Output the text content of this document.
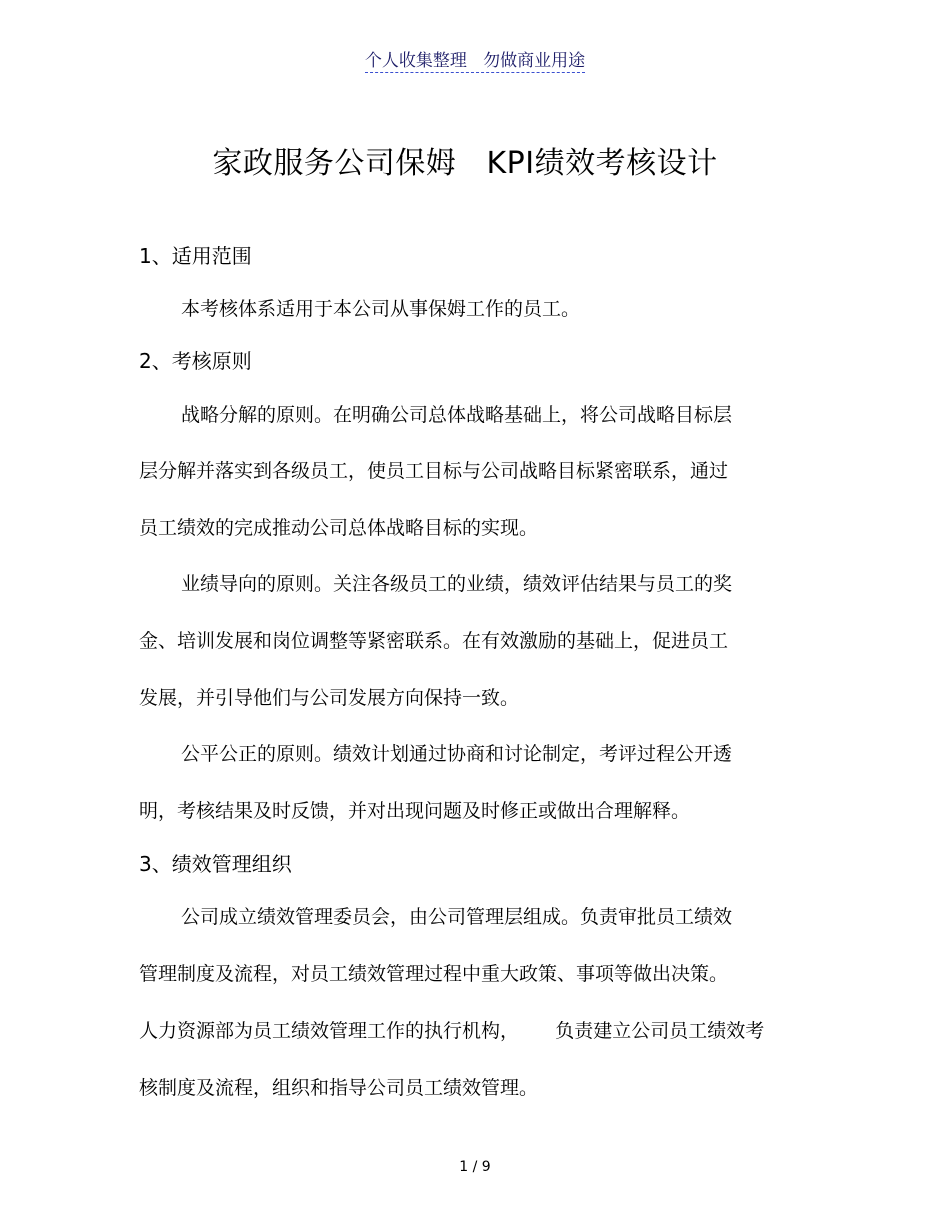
个人收集整理   勿做商业用途
家政服务公司保姆   KPI绩效考核设计
1、适用范围
本考核体系适用于本公司从事保姆工作的员工。
2、考核原则
战略分解的原则。在明确公司总体战略基础上，将公司战略目标层
层分解并落实到各级员工，使员工目标与公司战略目标紧密联系，通过
员工绩效的完成推动公司总体战略目标的实现。
业绩导向的原则。关注各级员工的业绩，绩效评估结果与员工的奖
金、培训发展和岗位调整等紧密联系。在有效激励的基础上，促进员工
发展，并引导他们与公司发展方向保持一致。
公平公正的原则。绩效计划通过协商和讨论制定，考评过程公开透
明，考核结果及时反馈，并对出现问题及时修正或做出合理解释。
3、绩效管理组织
公司成立绩效管理委员会，由公司管理层组成。负责审批员工绩效
管理制度及流程，对员工绩效管理过程中重大政策、事项等做出决策。
人力资源部为员工绩效管理工作的执行机构，      负责建立公司员工绩效考
核制度及流程，组织和指导公司员工绩效管理。
1 / 9
